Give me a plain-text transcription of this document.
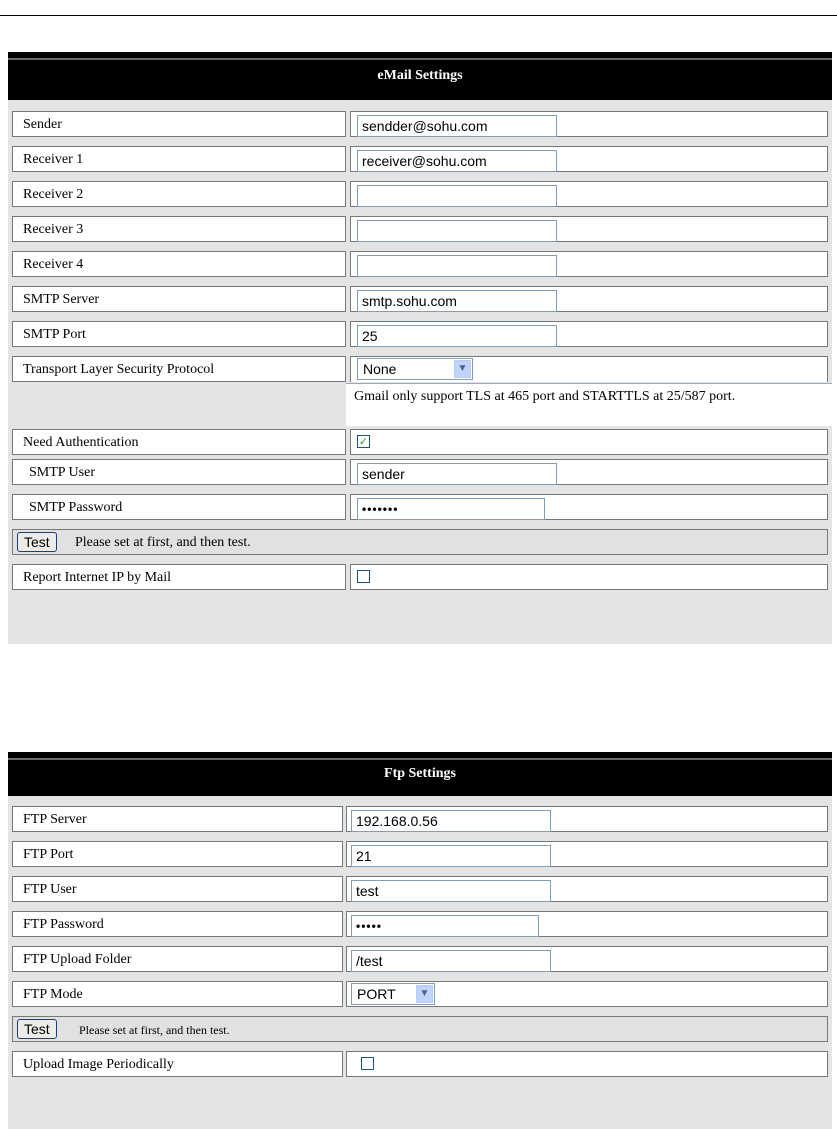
eMail Settings
Sender	sendder@sohu.com
Receiver 1	receiver@sohu.com
Receiver 2
Receiver 3
Receiver 4
SMTP Server	smtp.sohu.com
SMTP Port	25
Transport Layer Security Protocol	None	▼
Gmail only support TLS at 465 port and STARTTLS at 25/587 port.
Need Authentication	✓
SMTP User	sender
SMTP Password	•••••••
Test	Please set at first, and then test.
Report Internet IP by Mail
Ftp Settings
FTP Server	192.168.0.56
FTP Port	21
FTP User	test
FTP Password	•••••
FTP Upload Folder	/test
FTP Mode	PORT	▼
Test	Please set at first, and then test.
Upload Image Periodically
